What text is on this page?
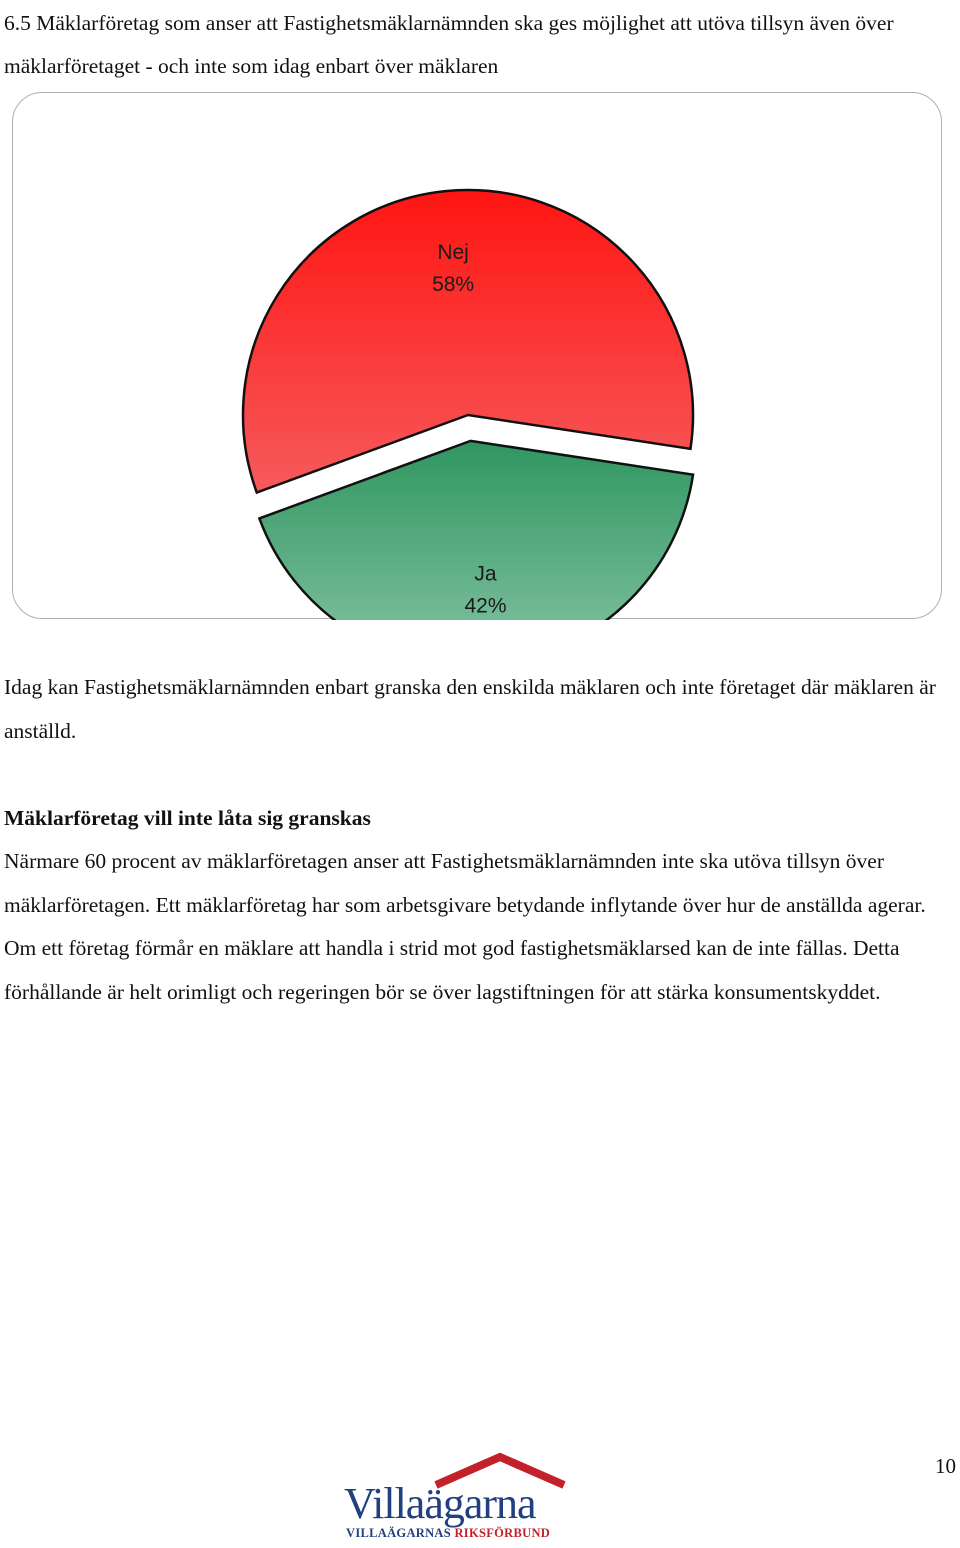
6.5 Mäklarföretag som anser att Fastighetsmäklarnämnden ska ges möjlighet att utöva tillsyn även över mäklarföretaget - och inte som idag enbart över mäklaren
Nej
58%
Ja
42%
Idag kan Fastighetsmäklarnämnden enbart granska den enskilda mäklaren och inte företaget där mäklaren är anställd.
Mäklarföretag vill inte låta sig granskas
Närmare 60 procent av mäklarföretagen anser att Fastighetsmäklarnämnden inte ska utöva tillsyn över mäklarföretagen. Ett mäklarföretag har som arbetsgivare betydande inflytande över hur de anställda agerar. Om ett företag förmår en mäklare att handla i strid mot god fastighetsmäklarsed kan de inte fällas. Detta förhållande är helt orimligt och regeringen bör se över lagstiftningen för att stärka konsumentskyddet.
10
Villaägarna
VILLAÄGARNAS RIKSFÖRBUND
